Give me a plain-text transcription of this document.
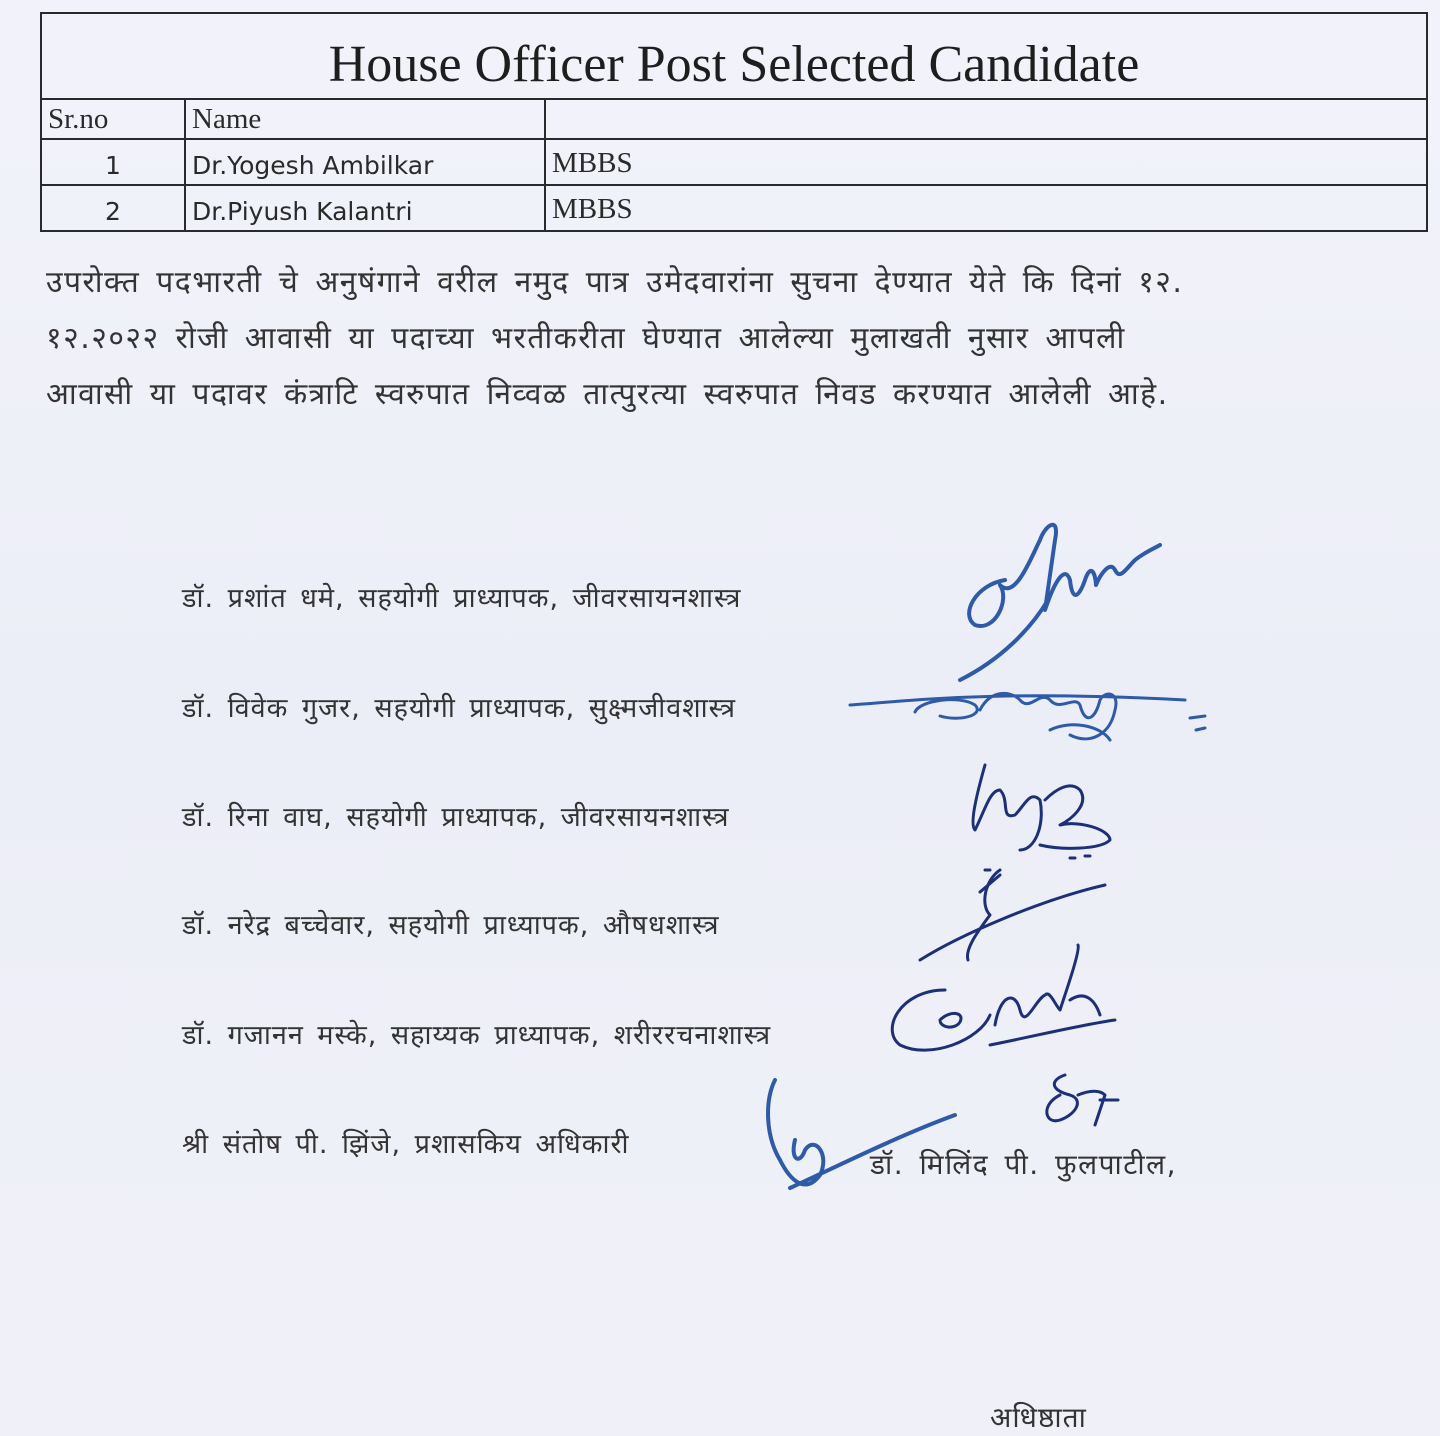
House Officer Post Selected Candidate		
Sr.no	Name	
1	Dr.Yogesh Ambilkar	MBBS
2	Dr.Piyush Kalantri	MBBS
उपरोक्त पदभारती चे अनुषंगाने वरील नमुद पात्र उमेदवारांना सुचना देण्यात येते कि दिनां १२.
१२.२०२२ रोजी आवासी या पदाच्या भरतीकरीता घेण्यात आलेल्या मुलाखती नुसार आपली
आवासी या पदावर कंत्राटि स्वरुपात निव्वळ तात्पुरत्या स्वरुपात निवड करण्यात आलेली आहे.
डॉ. प्रशांत धमे, सहयोगी प्राध्यापक, जीवरसायनशास्त्र
डॉ. विवेक गुजर, सहयोगी प्राध्यापक, सुक्ष्मजीवशास्त्र
डॉ. रिना वाघ, सहयोगी प्राध्यापक, जीवरसायनशास्त्र
डॉ. नरेद्र बच्चेवार, सहयोगी प्राध्यापक, औषधशास्त्र
डॉ. गजानन मस्के, सहाय्यक प्राध्यापक, शरीररचनाशास्त्र
श्री संतोष पी. झिंजे, प्रशासकिय अधिकारी
डॉ. मिलिंद पी. फुलपाटील,
अधिष्ठाता
